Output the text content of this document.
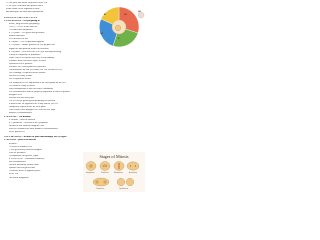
• Cells grow and divide to produce other cell
• Cell cycle is divided into phases that is
a time frame of the organism's entire
and undergoes its birth and reproduction.
STAGES OF THE CELL CYCLE
1. INTERPHASE – cell preparing to
divide, long intervals (preparing)
• cell (+/-) 90% of the total life
• Divided into sub-phases
a. G1 phase – cell grows and performs
normal functions
Cell increases in size
b. S phase – DNA replication happens
c. G2 phase – further growth; the cell prepares the
organelles and proteins needed for division
d. G0 phase – cells leave the cell cycle and stop dividing
It may be temporary or permanent
Some cells never divide once they reach maturity
Produces more and more copies of itself
Synthesizes new proteins
Produces RNA and synthesizes proteins
Chromosomes are not yet visible; the cell checks its DNA
DNA damage is repaired before mitosis
Nucleus is clearly visible
DNA replication occurs
The completed DNA duplication is the checkpoint for the cell
Cell must be ready to divide
Each chromosome is now two sister chromatids
The chromosomes must be properly duplicated in order to produce
daughter cells
Mitosis will then take place
The cell keeps growing and preparing for division
It makes sure all organelles are ready and the DNA is
completely copied before the next phase
This ensures each daughter cell will have the right
number of chromosomes
2. M PHASE – cell division
a. Mitosis – nuclear division
b. Cytokinesis – division of the cytoplasm
Results in two identical daughter cells
Each cell contains the same number of chromosomes
as the parent cell
CELL DIVISION – in order to grow and multiply, two (2) types:
1. MITOSIS – process of nuclear
division
• Occurs in somatic cells
• Two genetically identical daughter
cells are produced
• Responsible for growth, repair
a. PROPHASE – chromatin condenses
into chromosomes
Nuclear membrane breaks down
Spindle fibers begin to form
Centrioles move to opposite poles
of the cell
Nucleolus disappears
G1
S
G2
M
G0
Stages of Mitosis
Interphase	Prophase	Metaphase	Anaphase
Telophase	Cytokinesis
